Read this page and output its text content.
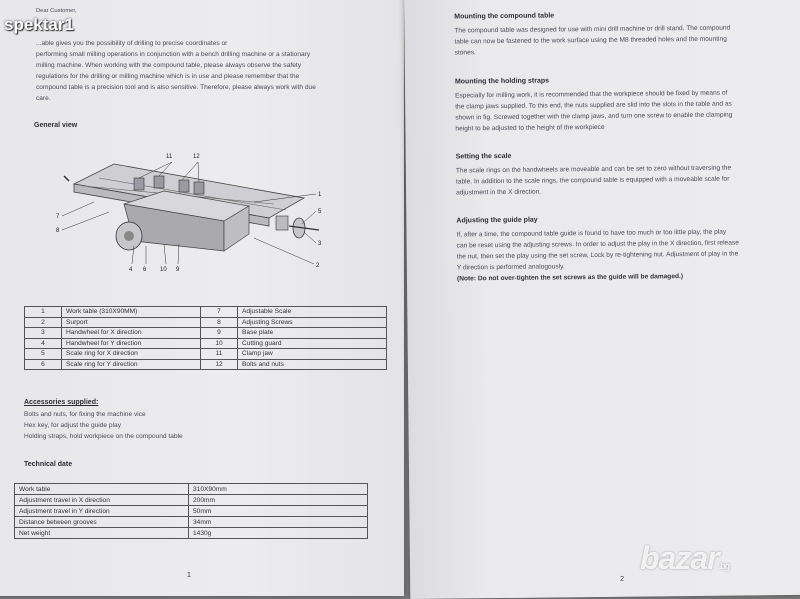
Dear Customer,
...able gives you the possibility of drilling to precise coordinates or
performing small milling operations in conjunction with a bench drilling machine or a stationary
milling machine. When working with the compound table, please always observe the safety
regulations for the drilling or milling machine which is in use and please remember that the
compound table is a precision tool and is also sensitive. Therefore, please always work with due
care.
General view
11	12
1
5
3
2
7
8
4 6 10 9
1	Work table (310X90MM)	7	Adjustable Scale
2	Surport	8	Adjusting Screws
3	Handwheel for X direction	9	Base plate
4	Handwheel for Y direction	10	Cutting guard
5	Scale ring for X direction	11	Clamp jaw
6	Scale ring for Y direction	12	Bolts and nuts
Accessories supplied:
Bolts and nuts, for fixing the machine vice
Hex key, for adjust the guide play
Holding straps, hold workpiece on the compound table
Technical date
Work table	310X90mm
Adjustment travel in X direction	200mm
Adjustment travel in Y direction	50mm
Distance between grooves	34mm
Net weight	1430g
1
Mounting the compound table
The compound table was designed for use with mini drill machine or drill stand. The compound
table can now be fastened to the work surface using the M8 threaded holes and the mounting
stones.
Mounting the holding straps
Especially for milling work, it is recommended that the workpiece should be fixed by means of
the clamp jaws supplied. To this end, the nuts supplied are slid into the slots in the table and as
shown in fig. Screwed together with the clamp jaws, and turn one screw to enable the clamping
height to be adjusted to the height of the workpiece
Setting the scale
The scale rings on the handwheels are moveable and can be set to zero without traversing the
table. In addition to the scale rings, the compound table is equipped with a moveable scale for
adjustment in the X direction.
Adjusting the guide play
If, after a time, the compound table guide is found to have too much or too little play, the play
can be reset using the adjusting screws. In order to adjust the play in the X direction, first release
the nut, then set the play using the set screw, Lock by re-tightening nut. Adjustment of play in the
Y direction is performed analogously.
(Note: Do not over-tighten the set screws as the guide will be damaged.)
2
spektar1
bazar.bg
